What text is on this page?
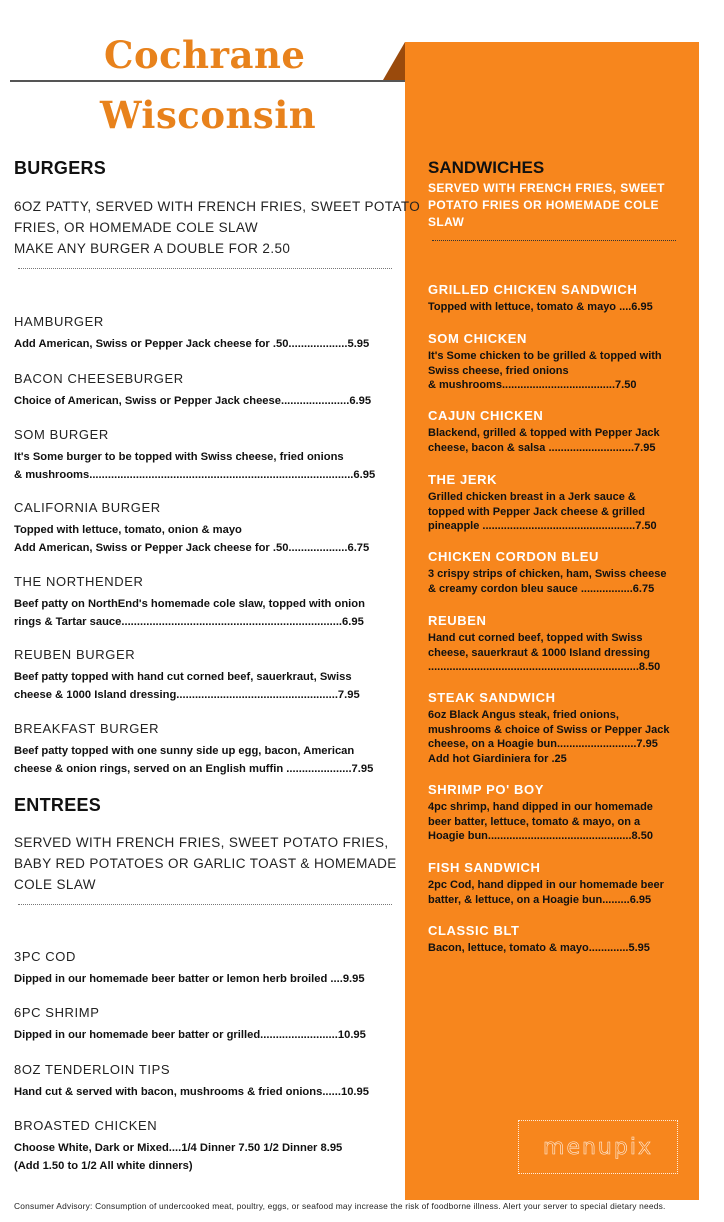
Cochrane
Wisconsin
BURGERS
6OZ PATTY, SERVED WITH FRENCH FRIES, SWEET POTATO
FRIES, OR HOMEMADE COLE SLAW
MAKE ANY BURGER A DOUBLE FOR 2.50
HAMBURGER
Add American, Swiss or Pepper Jack cheese for .50...................5.95
BACON CHEESEBURGER
Choice of American, Swiss or Pepper Jack cheese......................6.95
SOM BURGER
It's Some burger to be topped with Swiss cheese, fried onions
& mushrooms.....................................................................................6.95
CALIFORNIA BURGER
Topped with lettuce, tomato, onion & mayo
Add American, Swiss or Pepper Jack cheese for .50...................6.75
THE NORTHENDER
Beef patty on NorthEnd's homemade cole slaw, topped with onion
rings & Tartar sauce.......................................................................6.95
REUBEN BURGER
Beef patty topped with hand cut corned beef, sauerkraut, Swiss
cheese & 1000 Island dressing....................................................7.95
BREAKFAST BURGER
Beef patty topped with one sunny side up egg, bacon, American
cheese & onion rings, served on an English muffin .....................7.95
ENTREES
SERVED WITH FRENCH FRIES, SWEET POTATO FRIES,
BABY RED POTATOES OR GARLIC TOAST & HOMEMADE
COLE SLAW
3PC COD
Dipped in our homemade beer batter or lemon herb broiled ....9.95
6PC SHRIMP
Dipped in our homemade beer batter or grilled.........................10.95
8OZ TENDERLOIN TIPS
Hand cut & served with bacon, mushrooms & fried onions......10.95
BROASTED CHICKEN
Choose White, Dark or Mixed....1/4 Dinner 7.50 1/2 Dinner 8.95
(Add 1.50 to 1/2 All white dinners)
SANDWICHES
SERVED WITH FRENCH FRIES, SWEET POTATO FRIES OR HOMEMADE COLE SLAW
GRILLED CHICKEN SANDWICH
Topped with lettuce, tomato & mayo ....6.95
SOM CHICKEN
It's Some chicken to be grilled & topped with
Swiss cheese, fried onions
& mushrooms.....................................7.50
CAJUN CHICKEN
Blackend, grilled & topped with Pepper Jack
cheese, bacon & salsa ............................7.95
THE JERK
Grilled chicken breast in a Jerk sauce &
topped with Pepper Jack cheese & grilled
pineapple ..................................................7.50
CHICKEN CORDON BLEU
3 crispy strips of chicken, ham, Swiss cheese
& creamy cordon bleu sauce .................6.75
REUBEN
Hand cut corned beef, topped with Swiss
cheese, sauerkraut & 1000 Island dressing
.....................................................................8.50
STEAK SANDWICH
6oz Black Angus steak, fried onions,
mushrooms & choice of Swiss or Pepper Jack
cheese, on a Hoagie bun..........................7.95
Add hot Giardiniera for .25
SHRIMP PO' BOY
4pc shrimp, hand dipped in our homemade
beer batter, lettuce, tomato & mayo, on a
Hoagie bun...............................................8.50
FISH SANDWICH
2pc Cod, hand dipped in our homemade beer
batter, & lettuce, on a Hoagie bun.........6.95
CLASSIC BLT
Bacon, lettuce, tomato & mayo.............5.95
menupix
Consumer Advisory: Consumption of undercooked meat, poultry, eggs, or seafood may increase the risk of foodborne illness. Alert your server to special dietary needs.
